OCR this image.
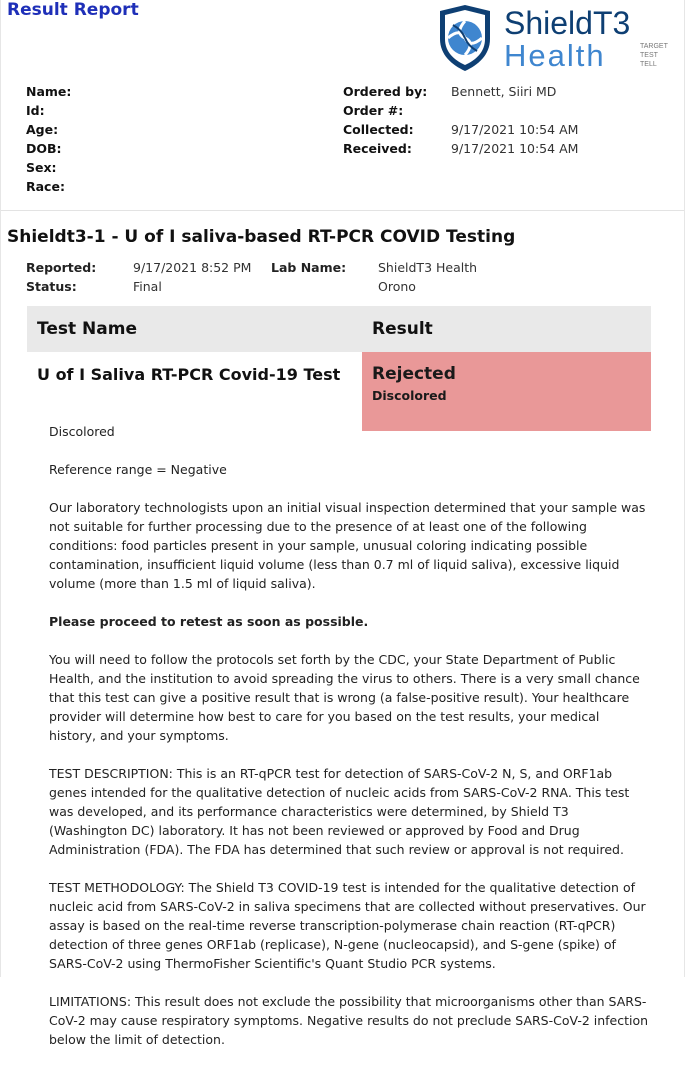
Result Report	ShieldT3
Health	TARGET
TEST
TELL
Name:
Id:
Age:
DOB:
Sex:
Race:
Ordered by:	Bennett, Siiri MD
Order #:
Collected:	9/17/2021 10:54 AM
Received:	9/17/2021 10:54 AM
Shieldt3-1 - U of I saliva-based RT-PCR COVID Testing
Reported:	9/17/2021 8:52 PM	Lab Name:	ShieldT3 Health Orono
Status:	Final
Test Name	Result
U of I Saliva RT-PCR Covid-19 Test	Rejected
Discolored

Discolored

Reference range = Negative

Our laboratory technologists upon an initial visual inspection determined that your sample was not suitable for further processing due to the presence of at least one of the following conditions: food particles present in your sample, unusual coloring indicating possible contamination, insufficient liquid volume (less than 0.7 ml of liquid saliva), excessive liquid volume (more than 1.5 ml of liquid saliva).

Please proceed to retest as soon as possible.

You will need to follow the protocols set forth by the CDC, your State Department of Public Health, and the institution to avoid spreading the virus to others. There is a very small chance that this test can give a positive result that is wrong (a false-positive result). Your healthcare provider will determine how best to care for you based on the test results, your medical history, and your symptoms.

TEST DESCRIPTION: This is an RT-qPCR test for detection of SARS-CoV-2 N, S, and ORF1ab genes intended for the qualitative detection of nucleic acids from SARS-CoV-2 RNA. This test was developed, and its performance characteristics were determined, by Shield T3 (Washington DC) laboratory. It has not been reviewed or approved by Food and Drug Administration (FDA). The FDA has determined that such review or approval is not required.

TEST METHODOLOGY: The Shield T3 COVID-19 test is intended for the qualitative detection of nucleic acid from SARS-CoV-2 in saliva specimens that are collected without preservatives. Our assay is based on the real-time reverse transcription-polymerase chain reaction (RT-qPCR) detection of three genes ORF1ab (replicase), N-gene (nucleocapsid), and S-gene (spike) of SARS-CoV-2 using ThermoFisher Scientific's Quant Studio PCR systems.

LIMITATIONS: This result does not exclude the possibility that microorganisms other than SARS-CoV-2 may cause respiratory symptoms. Negative results do not preclude SARS-CoV-2 infection below the limit of detection.
